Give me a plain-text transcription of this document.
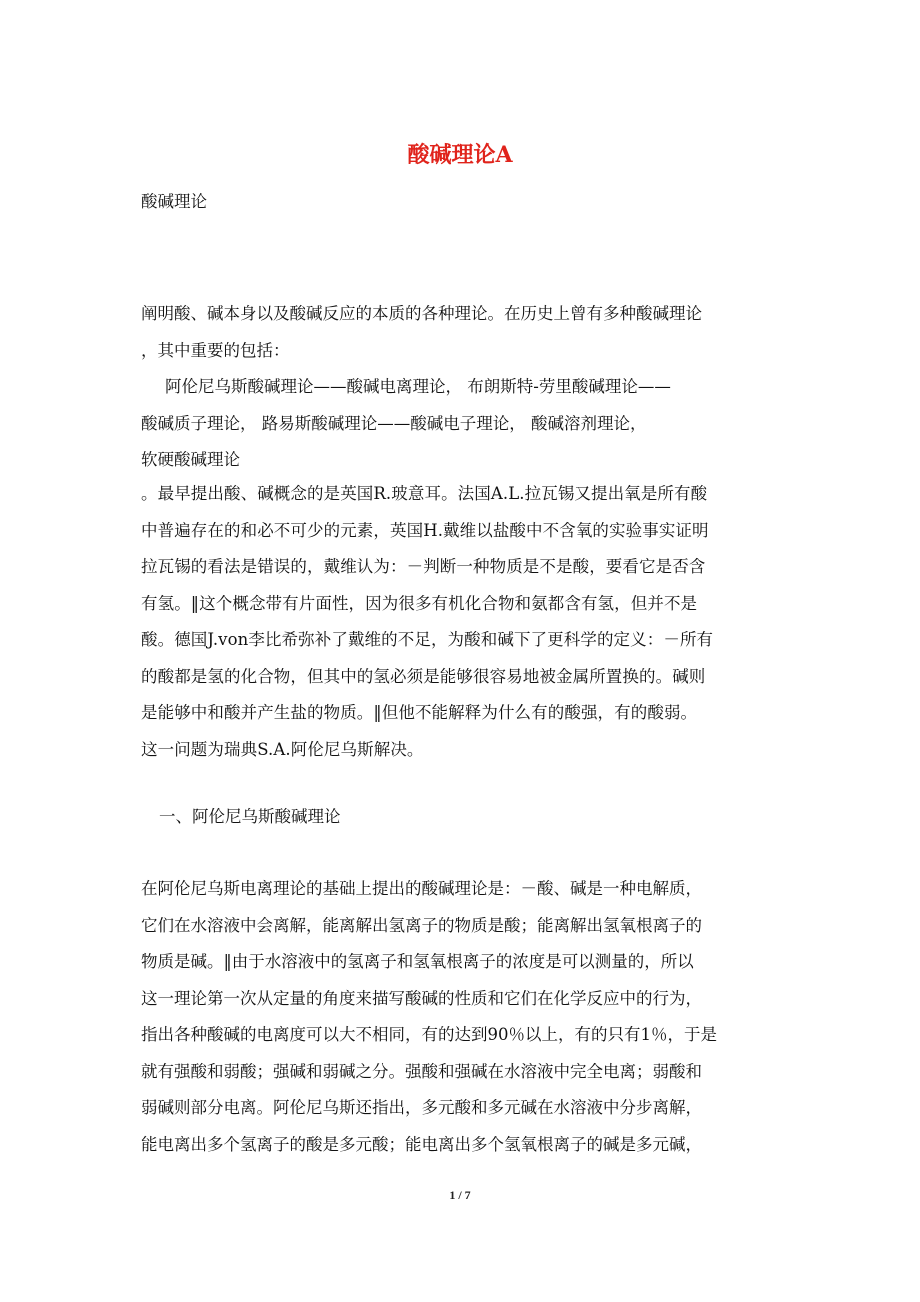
酸碱理论A
酸碱理论
阐明酸、碱本身以及酸碱反应的本质的各种理论。在历史上曾有多种酸碱理论
，其中重要的包括：
阿伦尼乌斯酸碱理论——酸碱电离理论， 布朗斯特-劳里酸碱理论——
酸碱质子理论， 路易斯酸碱理论——酸碱电子理论， 酸碱溶剂理论，
软硬酸碱理论
。最早提出酸、碱概念的是英国R.玻意耳。法国A.L.拉瓦锡又提出氧是所有酸
中普遍存在的和必不可少的元素，英国H.戴维以盐酸中不含氧的实验事实证明
拉瓦锡的看法是错误的，戴维认为：－判断一种物质是不是酸，要看它是否含
有氢。‖这个概念带有片面性，因为很多有机化合物和氨都含有氢，但并不是
酸。德国J.von李比希弥补了戴维的不足，为酸和碱下了更科学的定义：－所有
的酸都是氢的化合物，但其中的氢必须是能够很容易地被金属所置换的。碱则
是能够中和酸并产生盐的物质。‖但他不能解释为什么有的酸强，有的酸弱。
这一问题为瑞典S.A.阿伦尼乌斯解决。
一、阿伦尼乌斯酸碱理论
在阿伦尼乌斯电离理论的基础上提出的酸碱理论是：－酸、碱是一种电解质，
它们在水溶液中会离解，能离解出氢离子的物质是酸；能离解出氢氧根离子的
物质是碱。‖由于水溶液中的氢离子和氢氧根离子的浓度是可以测量的，所以
这一理论第一次从定量的角度来描写酸碱的性质和它们在化学反应中的行为，
指出各种酸碱的电离度可以大不相同，有的达到90％以上，有的只有1％，于是
就有强酸和弱酸；强碱和弱碱之分。强酸和强碱在水溶液中完全电离；弱酸和
弱碱则部分电离。阿伦尼乌斯还指出，多元酸和多元碱在水溶液中分步离解，
能电离出多个氢离子的酸是多元酸；能电离出多个氢氧根离子的碱是多元碱，
1 / 7
